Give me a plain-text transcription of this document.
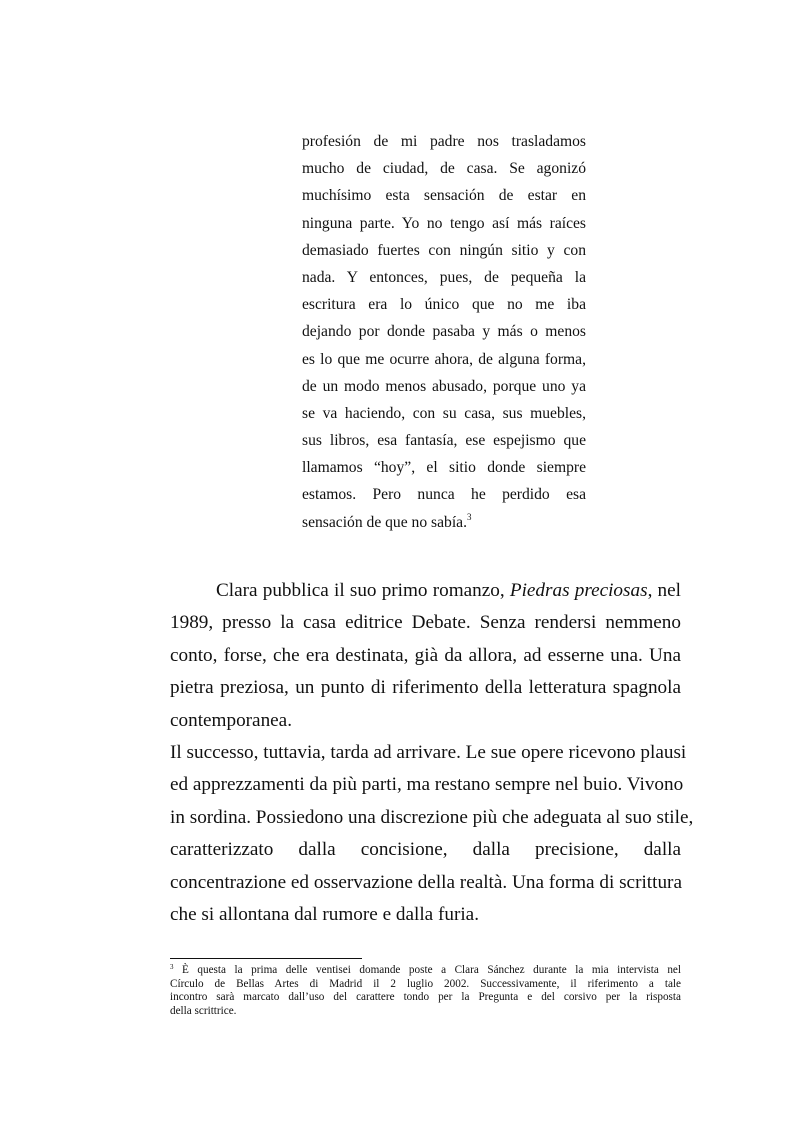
profesión de mi padre nos trasladamos
mucho de ciudad, de casa. Se agonizó
muchísimo esta sensación de estar en
ninguna parte. Yo no tengo así más raíces
demasiado fuertes con ningún sitio y con
nada. Y entonces, pues, de pequeña la
escritura era lo único que no me iba
dejando por donde pasaba y más o menos
es lo que me ocurre ahora, de alguna forma,
de un modo menos abusado, porque uno ya
se va haciendo, con su casa, sus muebles,
sus libros, esa fantasía, ese espejismo que
llamamos “hoy”, el sitio donde siempre
estamos. Pero nunca he perdido esa
sensación de que no sabía.$^3$
Clara pubblica il suo primo romanzo, Piedras preciosas, nel
1989, presso la casa editrice Debate. Senza rendersi nemmeno
conto, forse, che era destinata, già da allora, ad esserne una. Una
pietra preziosa, un punto di riferimento della letteratura spagnola
contemporanea.
Il successo, tuttavia, tarda ad arrivare. Le sue opere ricevono plausi
ed apprezzamenti da più parti, ma restano sempre nel buio. Vivono
in sordina. Possiedono una discrezione più che adeguata al suo stile,
caratterizzato dalla concisione, dalla precisione, dalla
concentrazione ed osservazione della realtà. Una forma di scrittura
che si allontana dal rumore e dalla furia.
$^3$ È questa la prima delle ventisei domande poste a Clara Sánchez durante la mia intervista nel
Círculo de Bellas Artes di Madrid il 2 luglio 2002. Successivamente, il riferimento a tale
incontro sarà marcato dall’uso del carattere tondo per la Pregunta e del corsivo per la risposta
della scrittrice.
